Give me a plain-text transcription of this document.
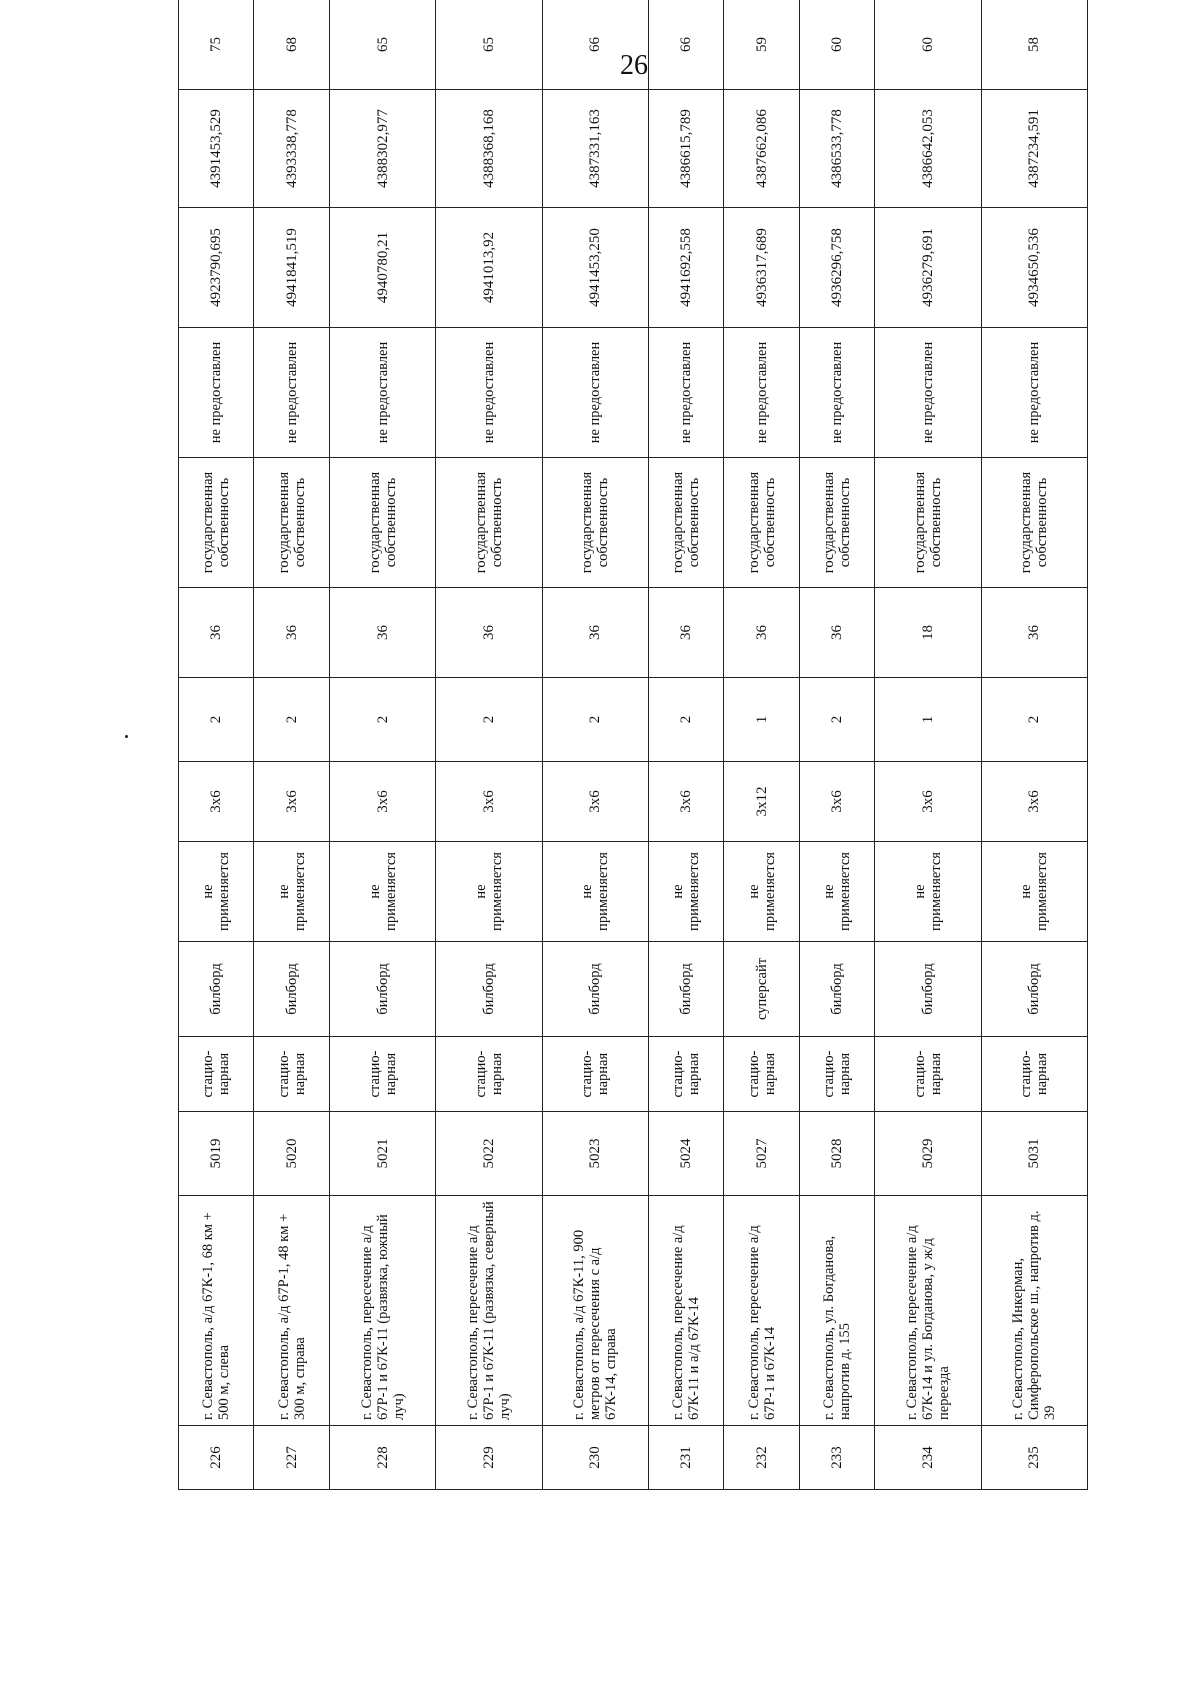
26
226	г. Севастополь, а/д 67К-1, 68 км + 500 м, слева	5019	стацио-нарная	билборд	не применяется	3х6	2	36	государственная собственность	не предоставлен	4923790,695	4391453,529	75
227	г. Севастополь, а/д 67Р-1, 48 км + 300 м, справа	5020	стацио-нарная	билборд	не применяется	3х6	2	36	государственная собственность	не предоставлен	4941841,519	4393338,778	68
228	г. Севастополь, пересечение а/д 67Р-1 и 67К-11 (развязка, южный луч)	5021	стацио-нарная	билборд	не применяется	3х6	2	36	государственная собственность	не предоставлен	4940780,21	4388302,977	65
229	г. Севастополь, пересечение а/д 67Р-1 и 67К-11 (развязка, северный луч)	5022	стацио-нарная	билборд	не применяется	3х6	2	36	государственная собственность	не предоставлен	4941013,92	4388368,168	65
230	г. Севастополь, а/д 67К-11, 900 метров от пересечения с а/д 67К-14, справа	5023	стацио-нарная	билборд	не применяется	3х6	2	36	государственная собственность	не предоставлен	4941453,250	4387331,163	66
231	г. Севастополь, пересечение а/д 67К-11 и а/д 67К-14	5024	стацио-нарная	билборд	не применяется	3х6	2	36	государственная собственность	не предоставлен	4941692,558	4386615,789	66
232	г. Севастополь, пересечение а/д 67Р-1 и 67К-14	5027	стацио-нарная	суперсайт	не применяется	3х12	1	36	государственная собственность	не предоставлен	4936317,689	4387662,086	59
233	г. Севастополь, ул. Богданова, напротив д. 155	5028	стацио-нарная	билборд	не применяется	3х6	2	36	государственная собственность	не предоставлен	4936296,758	4386533,778	60
234	г. Севастополь, пересечение а/д 67К-14 и ул. Богданова, у ж/д переезда	5029	стацио-нарная	билборд	не применяется	3х6	1	18	государственная собственность	не предоставлен	4936279,691	4386642,053	60
235	г. Севастополь, Инкерман, Симферопольское ш., напротив д. 39	5031	стацио-нарная	билборд	не применяется	3х6	2	36	государственная собственность	не предоставлен	4934650,536	4387234,591	58
